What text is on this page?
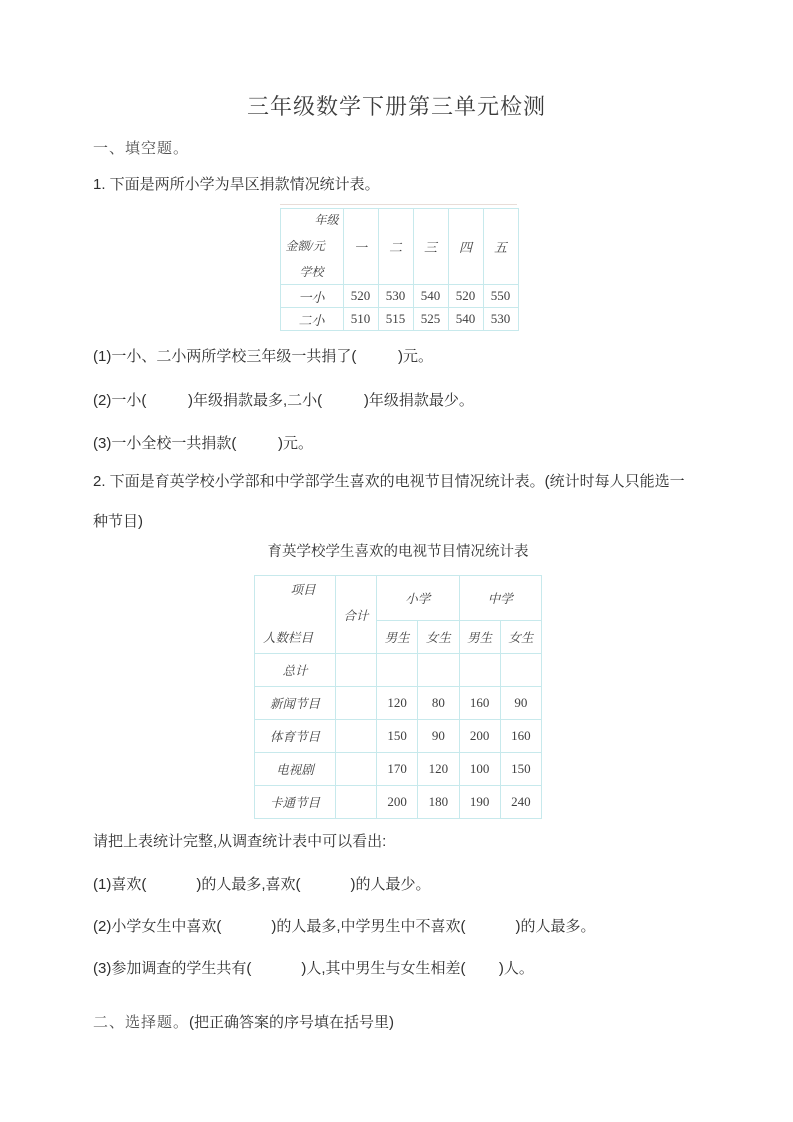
三年级数学下册第三单元检测

一、填空题。

1. 下面是两所小学为旱区捐款情况统计表。

年级
金额/元
学校	一	二	三	四	五
一小	520	530	540	520	550
二小	510	515	525	540	530

(1)一小、二小两所学校三年级一共捐了(          )元。

(2)一小(          )年级捐款最多,二小(          )年级捐款最少。

(3)一小全校一共捐款(          )元。

2. 下面是育英学校小学部和中学部学生喜欢的电视节目情况统计表。(统计时每人只能选一
种节目)

育英学校学生喜欢的电视节目情况统计表

项目
人数栏目	合计	小学		中学	
		男生	女生	男生	女生
总计					
新闻节目		120	80	160	90
体育节目		150	90	200	160
电视剧		170	120	100	150
卡通节目		200	180	190	240

请把上表统计完整,从调查统计表中可以看出:

(1)喜欢(            )的人最多,喜欢(            )的人最少。

(2)小学女生中喜欢(            )的人最多,中学男生中不喜欢(            )的人最多。

(3)参加调查的学生共有(            )人,其中男生与女生相差(        )人。

二、选择题。(把正确答案的序号填在括号里)
